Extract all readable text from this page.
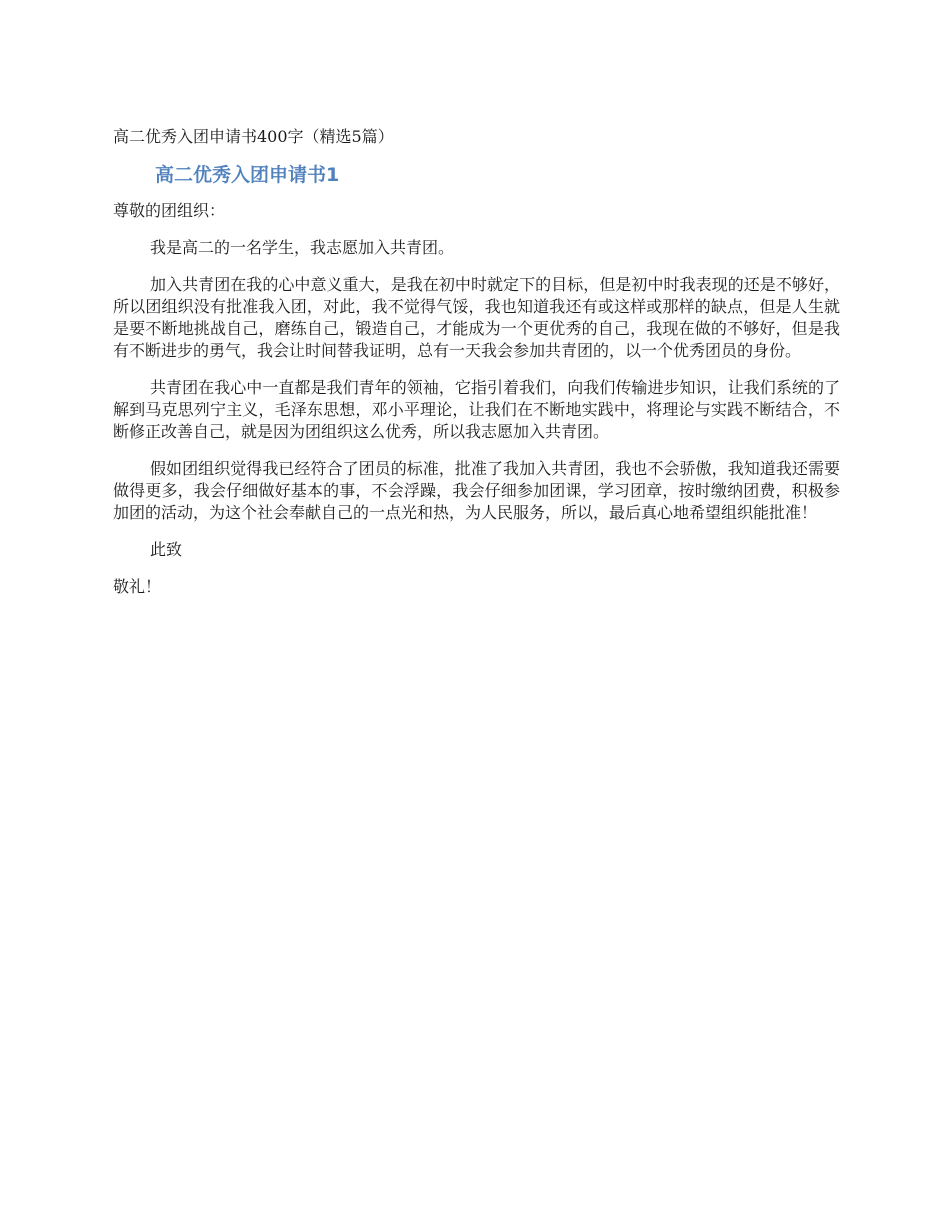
高二优秀入团申请书400字（精选5篇）
高二优秀入团申请书1
尊敬的团组织：
我是高二的一名学生，我志愿加入共青团。
加入共青团在我的心中意义重大，是我在初中时就定下的目标，但是初中时我表现的还是不够好，所以团组织没有批准我入团，对此，我不觉得气馁，我也知道我还有或这样或那样的缺点，但是人生就是要不断地挑战自己，磨练自己，锻造自己，才能成为一个更优秀的自己，我现在做的不够好，但是我有不断进步的勇气，我会让时间替我证明，总有一天我会参加共青团的，以一个优秀团员的身份。
共青团在我心中一直都是我们青年的领袖，它指引着我们，向我们传输进步知识，让我们系统的了解到马克思列宁主义，毛泽东思想，邓小平理论，让我们在不断地实践中，将理论与实践不断结合，不断修正改善自己，就是因为团组织这么优秀，所以我志愿加入共青团。
假如团组织觉得我已经符合了团员的标准，批准了我加入共青团，我也不会骄傲，我知道我还需要做得更多，我会仔细做好基本的事，不会浮躁，我会仔细参加团课，学习团章，按时缴纳团费，积极参加团的活动，为这个社会奉献自己的一点光和热，为人民服务，所以，最后真心地希望组织能批准！
此致
敬礼！
